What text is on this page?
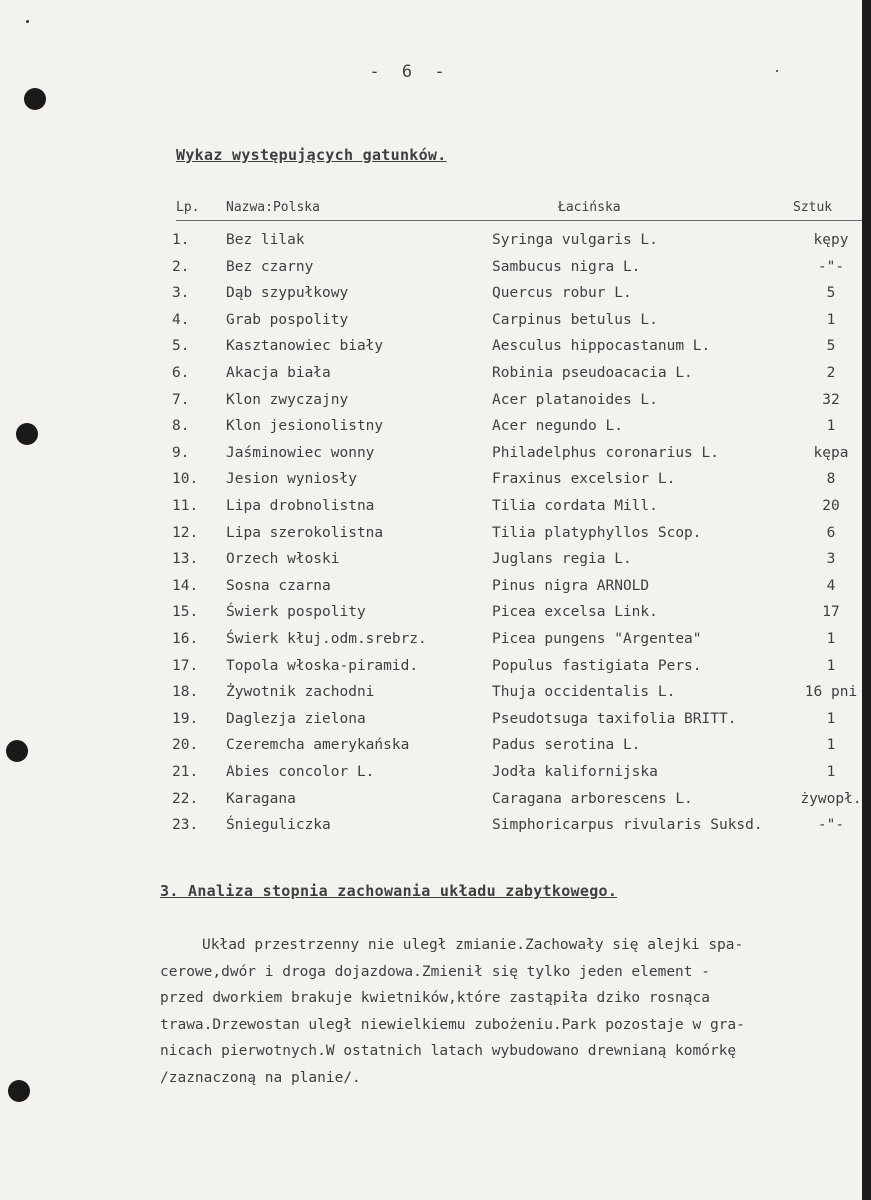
- 6 -
Wykaz występujących gatunków.
Lp. Nazwa:Polska	Łacińska	Sztuk
1.	Bez lilak	Syringa vulgaris L.	kępy
2.	Bez czarny	Sambucus nigra L.	-"-
3.	Dąb szypułkowy	Quercus robur L.	5
4.	Grab pospolity	Carpinus betulus L.	1
5.	Kasztanowiec biały	Aesculus hippocastanum L.	5
6.	Akacja biała	Robinia pseudoacacia L.	2
7.	Klon zwyczajny	Acer platanoides L.	32
8.	Klon jesionolistny	Acer negundo L.	1
9.	Jaśminowiec wonny	Philadelphus coronarius L.	kępa
10. Jesion wyniosły	Fraxinus excelsior L.	8
11. Lipa drobnolistna	Tilia cordata Mill.	20
12. Lipa szerokolistna	Tilia platyphyllos Scop.	6
13. Orzech włoski	Juglans regia L.	3
14. Sosna czarna	Pinus nigra ARNOLD	4
15. Świerk pospolity	Picea excelsa Link.	17
16. Świerk kłuj.odm.srebrz.	Picea pungens "Argentea"	1
17. Topola włoska-piramid.	Populus fastigiata Pers.	1
18. Żywotnik zachodni	Thuja occidentalis L.	16 pni
19. Daglezja zielona	Pseudotsuga taxifolia BRITT.	1
20. Czeremcha amerykańska	Padus serotina L.	1
21. Abies concolor L.	Jodła kalifornijska	1
22. Karagana	Caragana arborescens L.	żywopł.
23. Śnieguliczka	Simphoricarpus rivularis Suksd.	-"-
3. Analiza stopnia zachowania układu zabytkowego.
Układ przestrzenny nie uległ zmianie.Zachowały się alejki spa-
cerowe,dwór i droga dojazdowa.Zmienił się tylko jeden element -
przed dworkiem brakuje kwietników,które zastąpiła dziko rosnąca
trawa.Drzewostan uległ niewielkiemu zubożeniu.Park pozostaje w gra-
nicach pierwotnych.W ostatnich latach wybudowano drewnianą komórkę
/zaznaczoną na planie/.
